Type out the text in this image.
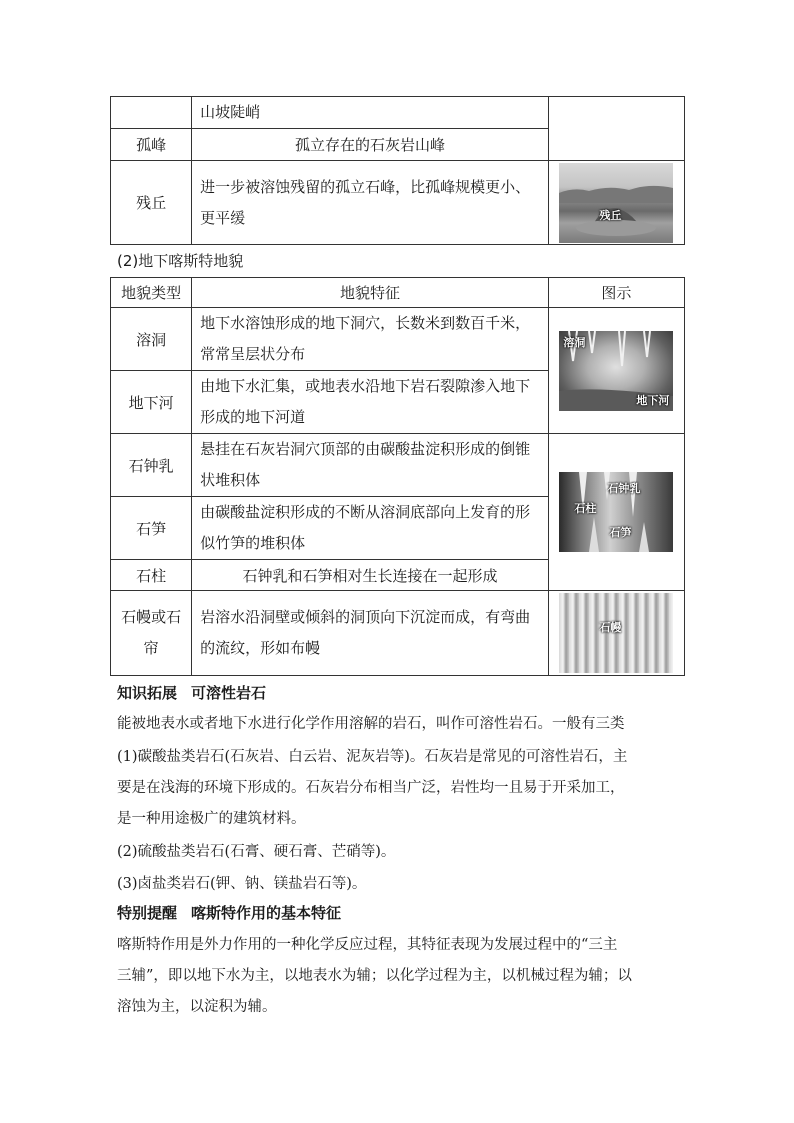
	山坡陡峭	
孤峰	孤立存在的石灰岩山峰	
残丘	进一步被溶蚀残留的孤立石峰，比孤峰规模更小、更平缓	残丘
(2)地下喀斯特地貌
地貌类型	地貌特征	图示
溶洞	地下水溶蚀形成的地下洞穴，长数米到数百千米，常常呈层状分布	溶洞
地下河

地下河	由地下水汇集，或地表水沿地下岩石裂隙渗入地下形成的地下河道	
石钟乳	悬挂在石灰岩洞穴顶部的由碳酸盐淀积形成的倒锥状堆积体	石钟乳
石柱
石笋

石笋	由碳酸盐淀积形成的不断从溶洞底部向上发育的形似竹笋的堆积体	
石柱	石钟乳和石笋相对生长连接在一起形成	
石幔或石帘	岩溶水沿洞壁或倾斜的洞顶向下沉淀而成，有弯曲的流纹，形如布幔	石幔
知识拓展 可溶性岩石
能被地表水或者地下水进行化学作用溶解的岩石，叫作可溶性岩石。一般有三类
(1)碳酸盐类岩石(石灰岩、白云岩、泥灰岩等)。石灰岩是常见的可溶性岩石，主
要是在浅海的环境下形成的。石灰岩分布相当广泛，岩性均一且易于开采加工，
是一种用途极广的建筑材料。
(2)硫酸盐类岩石(石膏、硬石膏、芒硝等)。
(3)卤盐类岩石(钾、钠、镁盐岩石等)。
特别提醒 喀斯特作用的基本特征
喀斯特作用是外力作用的一种化学反应过程，其特征表现为发展过程中的“三主
三辅”，即以地下水为主，以地表水为辅；以化学过程为主，以机械过程为辅；以
溶蚀为主，以淀积为辅。
